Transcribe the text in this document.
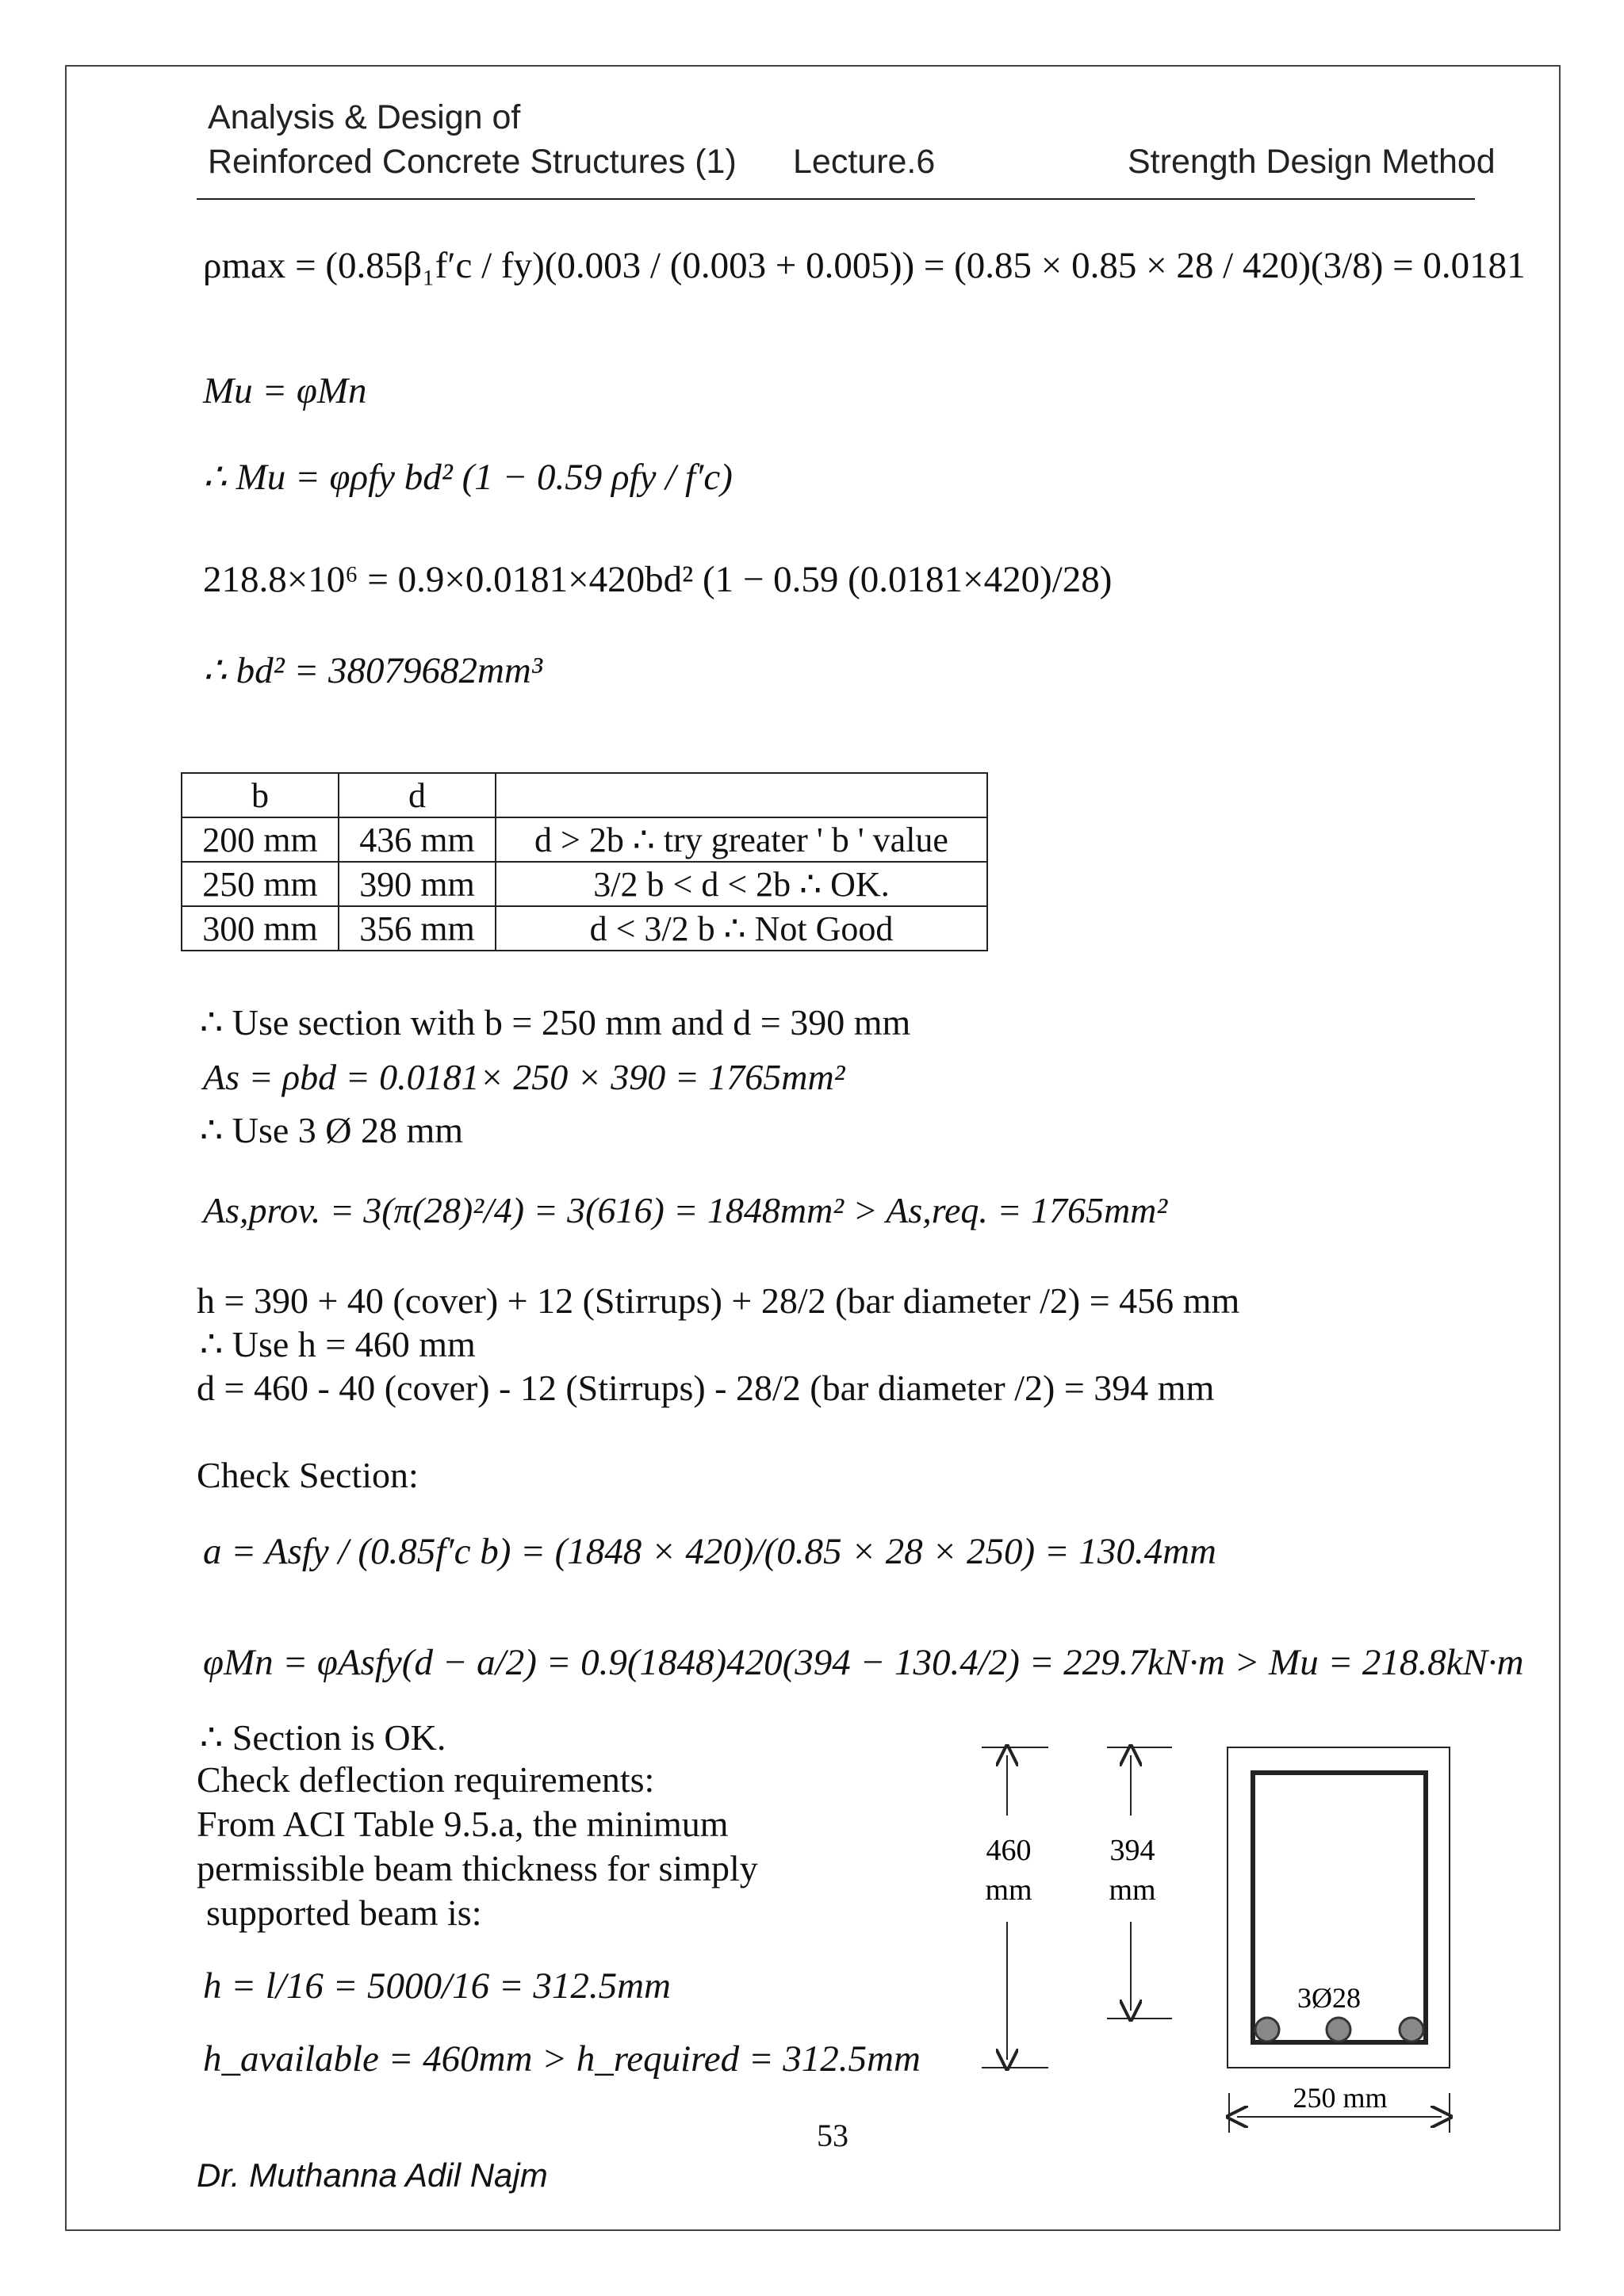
Analysis & Design of
Reinforced Concrete Structures (1) Lecture.6	Strength Design Method
ρmax = (0.85β₁f′c / fy)(0.003 / (0.003 + 0.005)) = (0.85 × 0.85 × 28 / 420)(3/8) = 0.0181
Mu = φMn
∴ Mu = φρfy bd² (1 − 0.59 ρfy / f′c)
218.8×10⁶ = 0.9×0.0181×420bd² (1 − 0.59 (0.0181×420)/28)
∴ bd² = 38079682mm³
b	d	
200 mm	436 mm	d > 2b ∴ try greater ' b ' value
250 mm	390 mm	3/2 b < d < 2b ∴ OK.
300 mm	356 mm	d < 3/2 b ∴ Not Good
∴ Use section with b = 250 mm and d = 390 mm
As = ρbd = 0.0181× 250 × 390 = 1765mm²
∴ Use 3 Ø 28 mm
As,prov. = 3(π(28)²/4) = 3(616) = 1848mm² > As,req. = 1765mm²
h = 390 + 40 (cover) + 12 (Stirrups) + 28/2 (bar diameter /2) = 456 mm
∴ Use h = 460 mm
d = 460 - 40 (cover) - 12 (Stirrups) - 28/2 (bar diameter /2) = 394 mm
Check Section:
a = Asfy / (0.85f′c b) = (1848 × 420)/(0.85 × 28 × 250) = 130.4mm
φMn = φAsfy(d − a/2) = 0.9(1848)420(394 − 130.4/2) = 229.7kN·m > Mu = 218.8kN·m
∴ Section is OK.
Check deflection requirements:
From ACI Table 9.5.a, the minimum
permissible beam thickness for simply
supported beam is:
h = l/16 = 5000/16 = 312.5mm
h_available = 460mm > h_required = 312.5mm
460
mm
394
mm
3Ø28
250 mm
53
Dr. Muthanna Adil Najm
